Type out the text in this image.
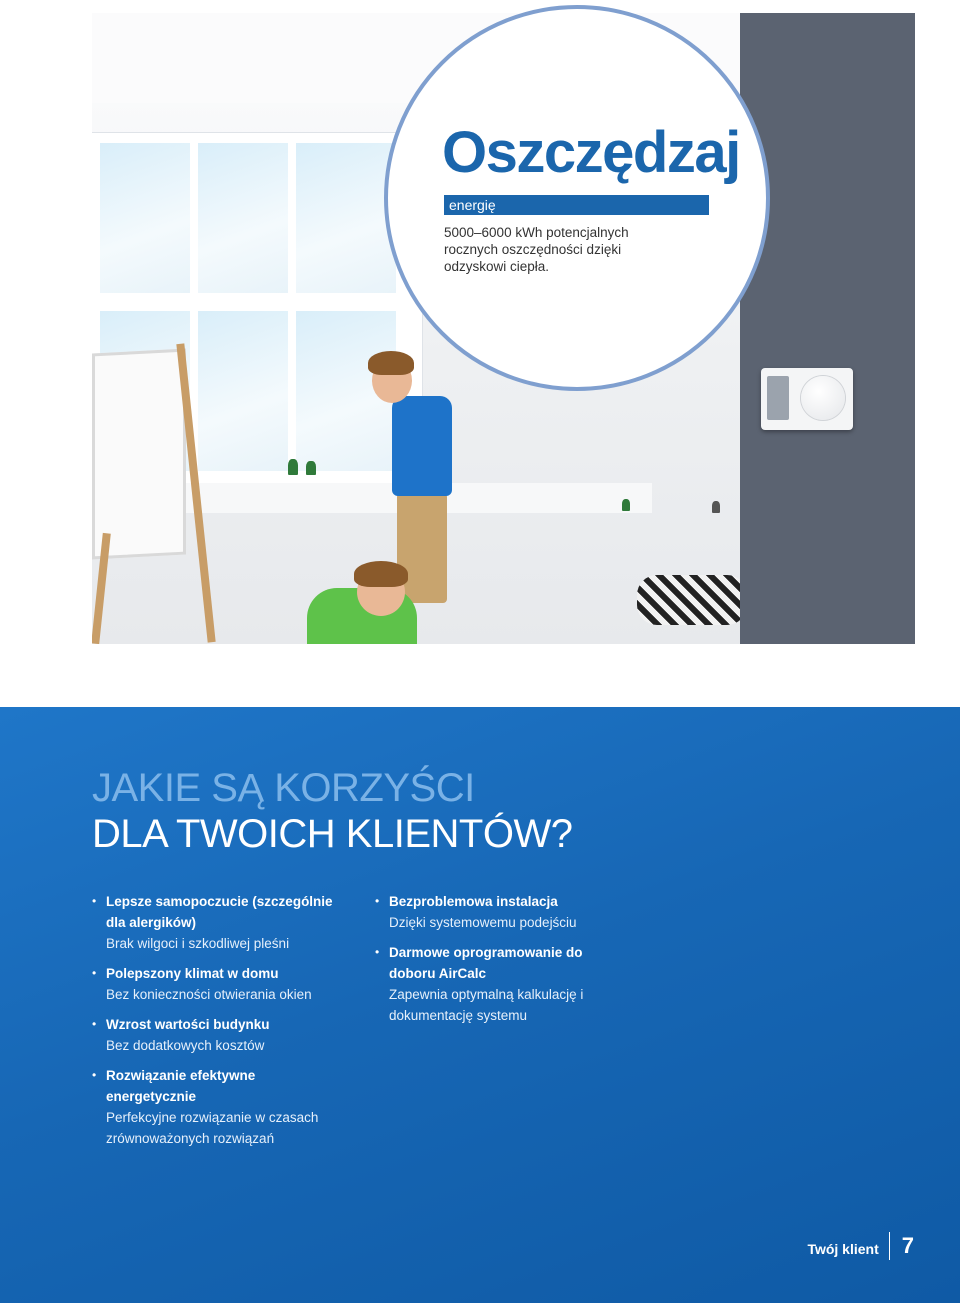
Oszczędzaj
energię
5000–6000 kWh potencjalnych rocznych oszczędności dzięki odzyskowi ciepła.
JAKIE SĄ KORZYŚCI
DLA TWOICH KLIENTÓW?
• Lepsze samopoczucie (szczególnie dla alergików)
Brak wilgoci i szkodliwej pleśni
• Polepszony klimat w domu
Bez konieczności otwierania okien
• Wzrost wartości budynku
Bez dodatkowych kosztów
• Rozwiązanie efektywne energetycznie
Perfekcyjne rozwiązanie w czasach zrównoważonych rozwiązań
• Bezproblemowa instalacja
Dzięki systemowemu podejściu
• Darmowe oprogramowanie do doboru AirCalc
Zapewnia optymalną kalkulację i dokumentację systemu
Twój klient 7
